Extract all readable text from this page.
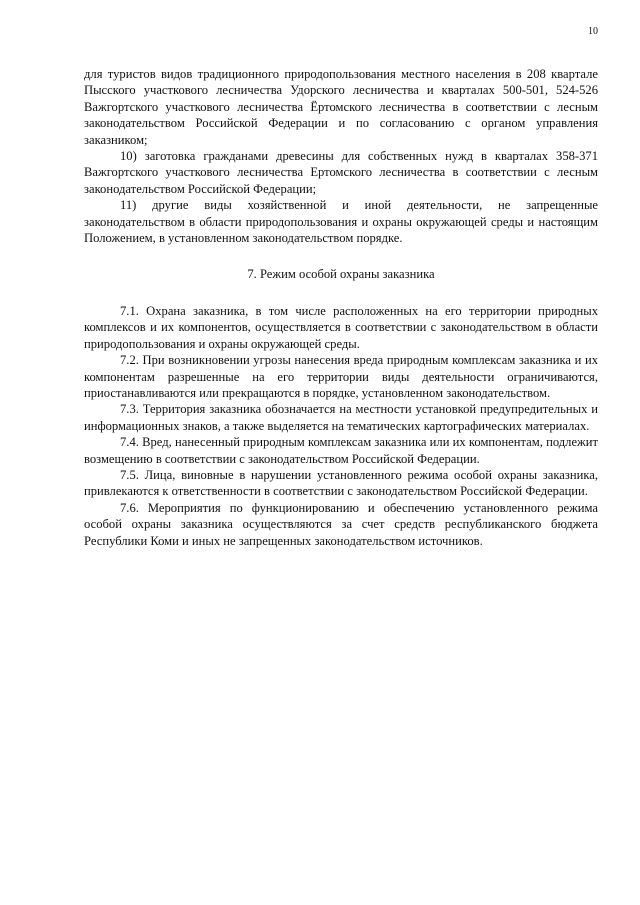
10

для туристов видов традиционного природопользования местного населения в 208 квартале Пысского участкового лесничества Удорского лесничества и кварталах 500-501, 524-526 Важгортского участкового лесничества Ёртомского лесничества в соответствии с лесным законодательством Российской Федерации и по согласованию с органом управления заказником;

10) заготовка гражданами древесины для собственных нужд в кварталах 358-371 Важгортского участкового лесничества Ертомского лесничества в соответствии с лесным законодательством Российской Федерации;

11) другие виды хозяйственной и иной деятельности, не запрещенные законодательством в области природопользования и охраны окружающей среды и настоящим Положением, в установленном законодательством порядке.

7. Режим особой охраны заказника

7.1. Охрана заказника, в том числе расположенных на его территории природных комплексов и их компонентов, осуществляется в соответствии с законодательством в области природопользования и охраны окружающей среды.

7.2. При возникновении угрозы нанесения вреда природным комплексам заказника и их компонентам разрешенные на его территории виды деятельности ограничиваются, приостанавливаются или прекращаются в порядке, установленном законодательством.

7.3. Территория заказника обозначается на местности установкой предупредительных и информационных знаков, а также выделяется на тематических картографических материалах.

7.4. Вред, нанесенный природным комплексам заказника или их компонентам, подлежит возмещению в соответствии с законодательством Российской Федерации.

7.5. Лица, виновные в нарушении установленного режима особой охраны заказника, привлекаются к ответственности в соответствии с законодательством Российской Федерации.

7.6. Мероприятия по функционированию и обеспечению установленного режима особой охраны заказника осуществляются за счет средств республиканского бюджета Республики Коми и иных не запрещенных законодательством источников.
